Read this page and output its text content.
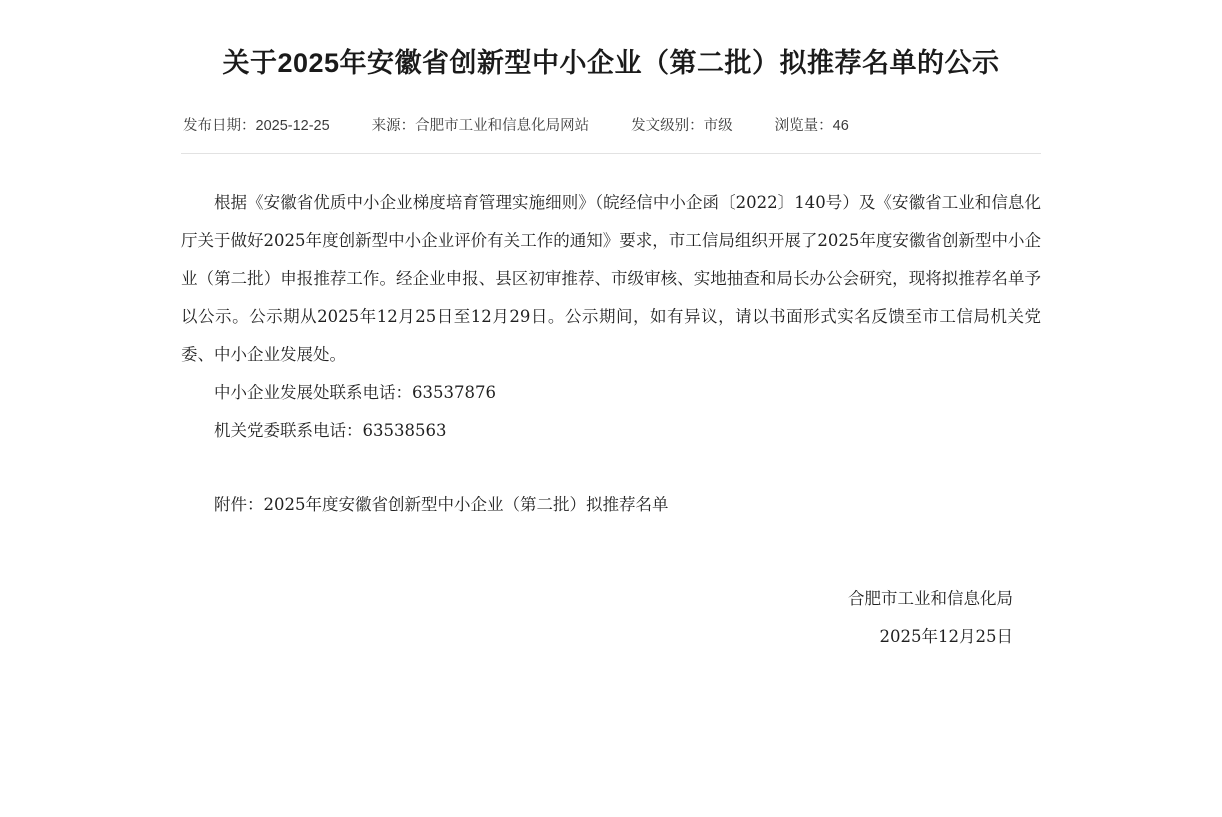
关于2025年安徽省创新型中小企业（第二批）拟推荐名单的公示
发布日期：2025-12-25	来源：合肥市工业和信息化局网站	发文级别：市级	浏览量：46

根据《安徽省优质中小企业梯度培育管理实施细则》（皖经信中小企函〔2022〕140号）及《安徽省工业和信息化厅关于做好2025年度创新型中小企业评价有关工作的通知》要求，市工信局组织开展了2025年度安徽省创新型中小企业（第二批）申报推荐工作。经企业申报、县区初审推荐、市级审核、实地抽查和局长办公会研究，现将拟推荐名单予以公示。公示期从2025年12月25日至12月29日。公示期间，如有异议，请以书面形式实名反馈至市工信局机关党委、中小企业发展处。

中小企业发展处联系电话：63537876

机关党委联系电话：63538563

附件：2025年度安徽省创新型中小企业（第二批）拟推荐名单

合肥市工业和信息化局
2025年12月25日
